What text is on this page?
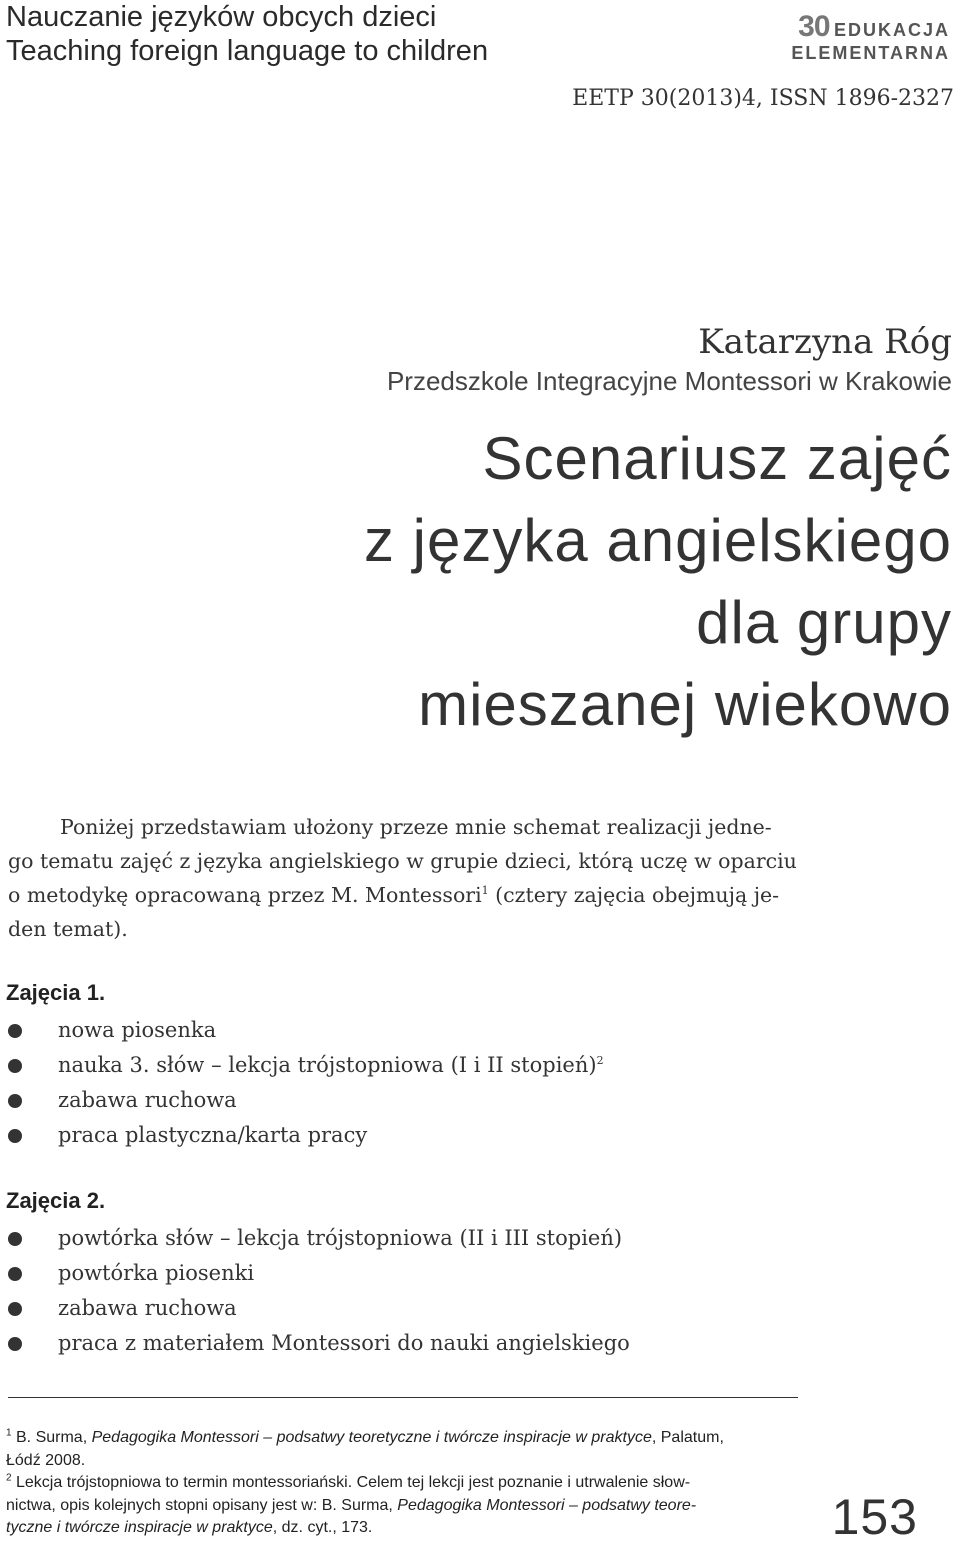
Nauczanie języków obcych dzieci
Teaching foreign language to children
30 EDUKACJA
ELEMENTARNA
EETP 30(2013)4, ISSN 1896-2327
Katarzyna Róg
Przedszkole Integracyjne Montessori w Krakowie
Scenariusz zajęć
z języka angielskiego
dla grupy
mieszanej wiekowo
Poniżej przedstawiam ułożony przeze mnie schemat realizacji jedne-
go tematu zajęć z języka angielskiego w grupie dzieci, którą uczę w oparciu
o metodykę opracowaną przez M. Montessori$^1$ (cztery zajęcia obejmują je-
den temat).
Zajęcia 1.
nowa piosenka
nauka 3. słów – lekcja trójstopniowa (I i II stopień)$^2$
zabawa ruchowa
praca plastyczna/karta pracy
Zajęcia 2.
powtórka słów – lekcja trójstopniowa (II i III stopień)
powtórka piosenki
zabawa ruchowa
praca z materiałem Montessori do nauki angielskiego
$^1$ B. Surma, Pedagogika Montessori – podsatwy teoretyczne i twórcze inspiracje w praktyce, Palatum,
Łódź 2008.
$^2$ Lekcja trójstopniowa to termin montessoriański. Celem tej lekcji jest poznanie i utrwalenie słow-
nictwa, opis kolejnych stopni opisany jest w: B. Surma, Pedagogika Montessori – podsatwy teore-
tyczne i twórcze inspiracje w praktyce, dz. cyt., 173.	153
